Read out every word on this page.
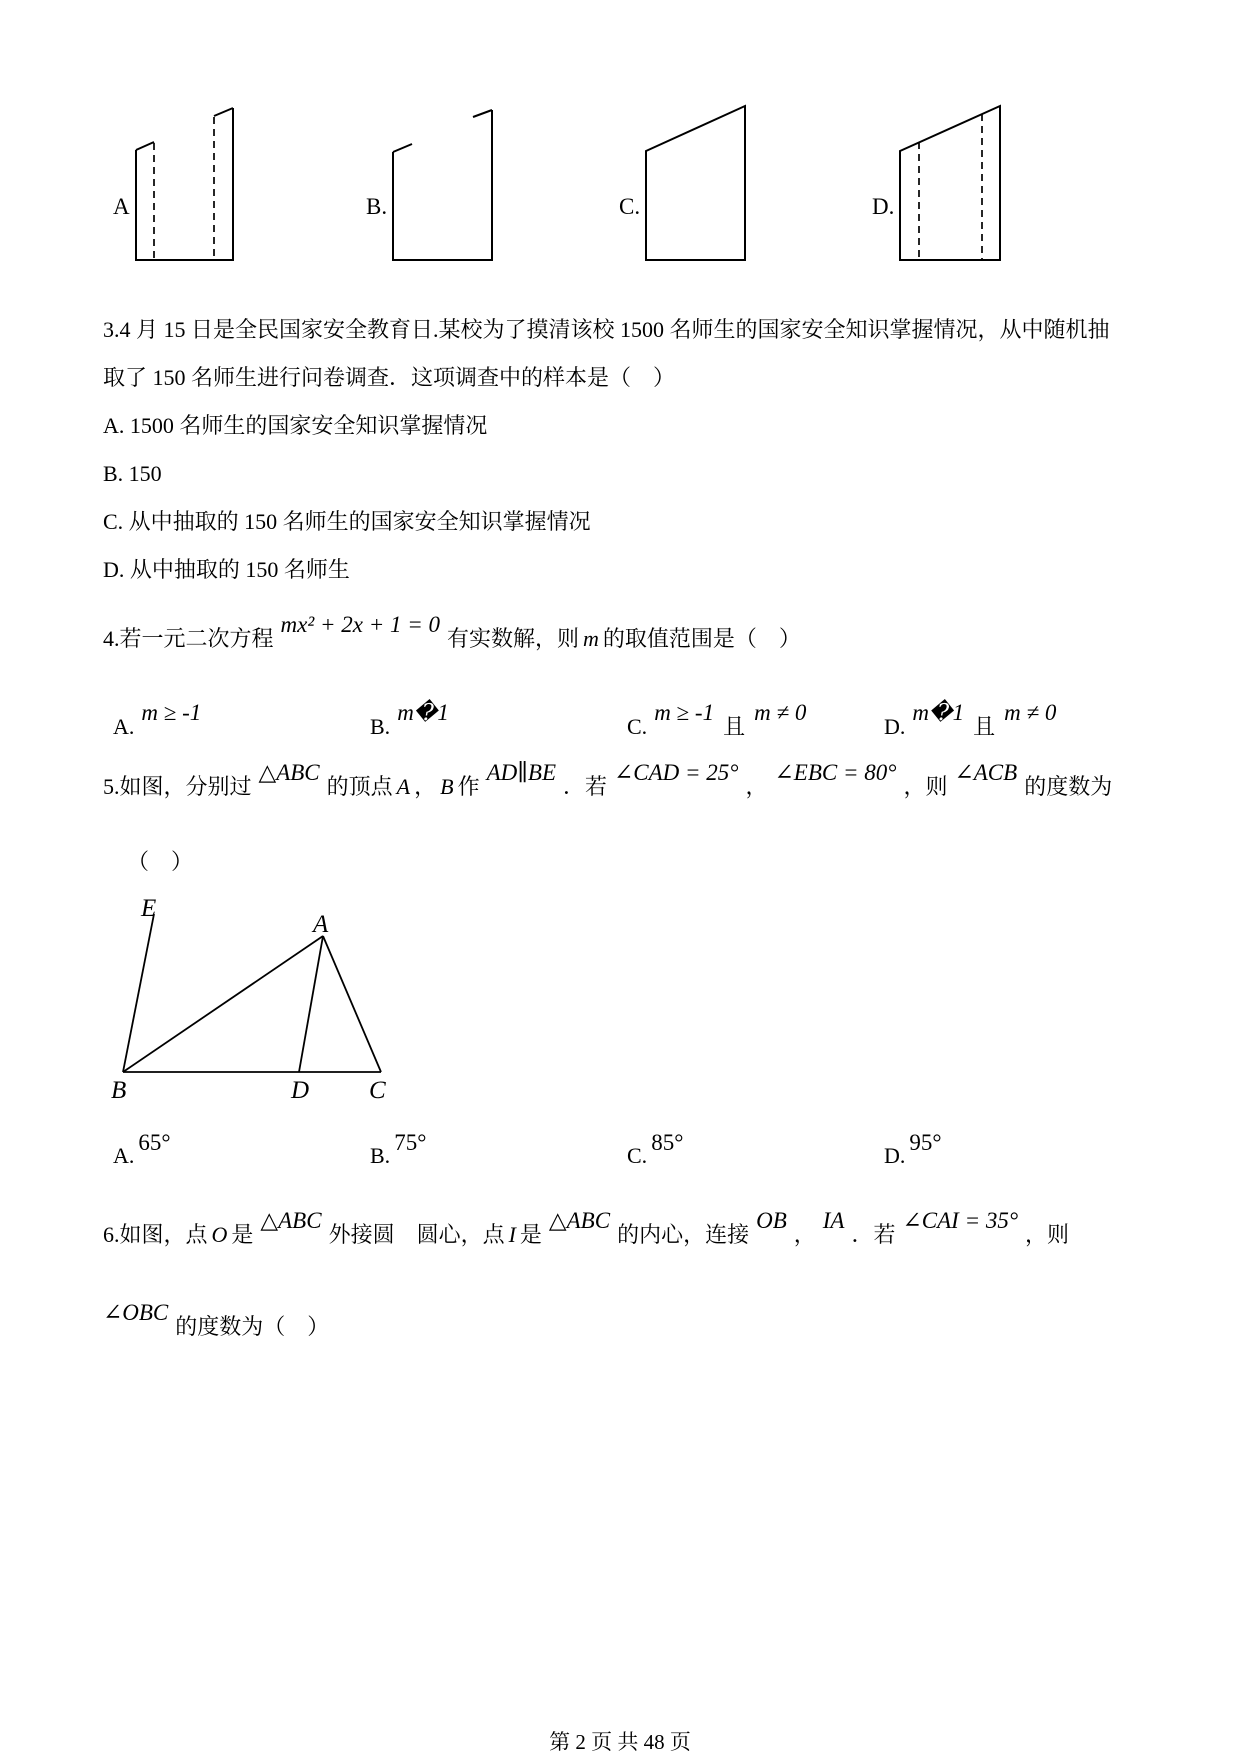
A	B.	C.	D.
3.4 月 15 日是全民国家安全教育日.某校为了摸清该校 1500 名师生的国家安全知识掌握情况，从中随机抽
取了 150 名师生进行问卷调查．这项调查中的样本是（　）
A. 1500 名师生的国家安全知识掌握情况
B. 150
C. 从中抽取的 150 名师生的国家安全知识掌握情况
D. 从中抽取的 150 名师生
4.若一元二次方程mx² + 2x + 1 = 0有实数解，则 m 的取值范围是（　）
A.m ≥ -1
B.m�1
C.m ≥ -1且m ≠ 0
D.m�1且m ≠ 0
5.如图，分别过△ABC的顶点 A ， B 作AD∥BE．若∠CAD = 25°，∠EBC = 80°，则∠ACB的度数为
（　）
E
A
B	D C
A.65°
B.75°
C.85°
D.95°
6.如图，点 O 是△ABC外接圆　圆心，点 I 是△ABC的内心，连接OB，IA．若∠CAI = 35°，则
∠OBC的度数为（　）
第 2 页 共 48 页
